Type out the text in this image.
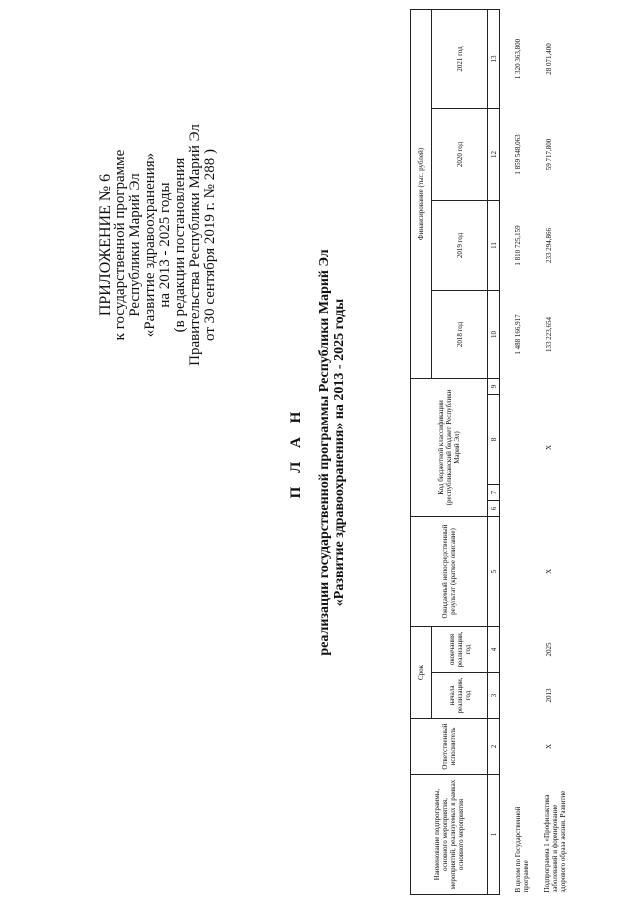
ПРИЛОЖЕНИЕ № 6
к государственной программе Республики Марий Эл «Развитие здравоохранения» на 2013 - 2025 годы (в редакции постановления Правительства Республики Марий Эл от 30 сентября 2019 г. № 288 )
П Л А Н реализации государственной программы Республики Марий Эл «Развитие здравоохранения» на 2013 - 2025 годы
Наименование подпрограммы, основного мероприятия, мероприятий, реализуемых в рамках основного мероприятия	Ответственный исполнитель	Срок		Ожидаемый непосредственный результат (краткое описание)	Код бюджетной классификации (республиканский бюджет Республики Марий Эл)				Финансирование (тыс. рублей)			
		начала реализации, год	окончания реализации, год						2018 год	2019 год	2020 год	2021 год
1	2	3	4	5	6	7	8	9	10	11	12	13
В целом по Государственной программе									1 488 166,917	1 810 725,159	1 859 548,063	1 320 363,800
Подпрограмма 1 «Профилактика заболеваний и формирование здорового образа жизни. Развитие	Х	2013	2025	Х	Х				133 223,654	233 294,866	59 717,800	28 071,400
